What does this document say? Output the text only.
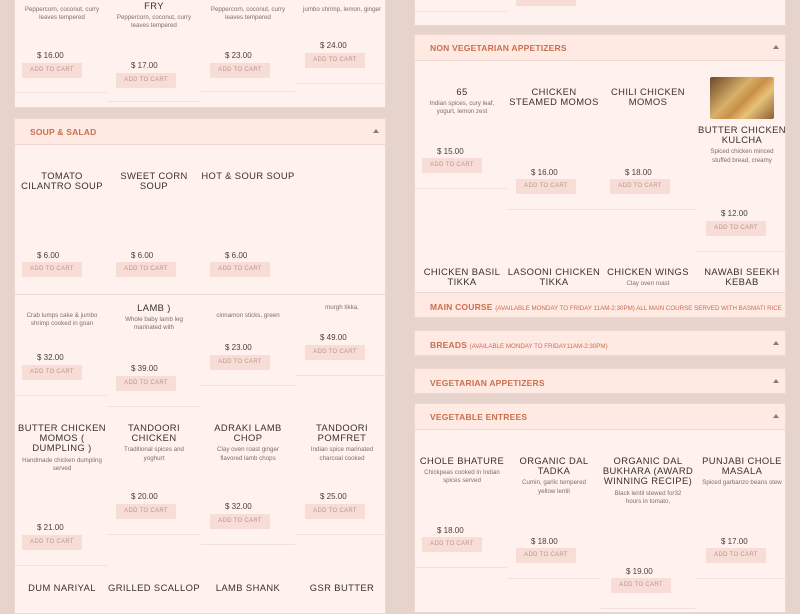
Peppercorn, coconut, curry leaves tempered
$ 16.00
ADD TO CART
FRY
Peppercorn, coconut, curry leaves tempered
$ 17.00
ADD TO CART
Peppercorn, coconut, curry leaves tempered
$ 23.00
ADD TO CART
jumbo shrimp, lemon, ginger
$ 24.00
ADD TO CART
SOUP & SALAD
TOMATO CILANTRO SOUP
$ 6.00
ADD TO CART
SWEET CORN SOUP
$ 6.00
ADD TO CART
HOT & SOUR SOUP
$ 6.00
ADD TO CART
NON VEGETARIAN APPETIZERS
65
Indian spices, cury leaf, yogurt, lemon zest
$ 15.00
ADD TO CART
CHICKEN STEAMED MOMOS
$ 16.00
ADD TO CART
CHILI CHICKEN MOMOS
$ 18.00
ADD TO CART
BUTTER CHICKEN KULCHA
Spiced chicken minced stuffed bread, creamy
$ 12.00
ADD TO CART
CHICKEN BASIL TIKKA
LASOONI CHICKEN TIKKA
CHICKEN WINGS
Clay oven roast
NAWABI SEEKH KEBAB
Crab lumps cake & jumbo shrimp cooked in goan
$ 32.00
ADD TO CART
LAMB )
Whole baby lamb leg marinated with
$ 39.00
ADD TO CART
cinnamon sticks, green
$ 23.00
ADD TO CART
murgh tikka,
$ 49.00
ADD TO CART
BUTTER CHICKEN MOMOS ( DUMPLING )
Handmade chicken dumpling served
$ 21.00
ADD TO CART
TANDOORI CHICKEN
Traditional spices and yoghurt
$ 20.00
ADD TO CART
ADRAKI LAMB CHOP
Clay oven roast ginger flavored lamb chops
$ 32.00
ADD TO CART
TANDOORI POMFRET
Indian spice marinated charcoal cooked
$ 25.00
ADD TO CART
DUM NARIYAL	GRILLED SCALLOP	LAMB SHANK	GSR BUTTER
MAIN COURSE (AVAILABLE MONDAY TO FRIDAY 11AM-2:30PM) ALL MAIN COURSE SERVED WITH BASMATI RICE
BREADS (AVAILABLE MONDAY TO FRIDAY11AM-2:30PM)
VEGETARIAN APPETIZERS
VEGETABLE ENTREES
CHOLE BHATURE
Chickpeas cooked in Indian spices served
$ 18.00
ADD TO CART
ORGANIC DAL TADKA
Cumin, garlic tempered yellow lentil
$ 18.00
ADD TO CART
ORGANIC DAL BUKHARA (AWARD WINNING RECIPE)
Black lentil stewed for32 hours in tomato,
$ 19.00
ADD TO CART
PUNJABI CHOLE MASALA
Spiced garbanzo beans stew
$ 17.00
ADD TO CART
